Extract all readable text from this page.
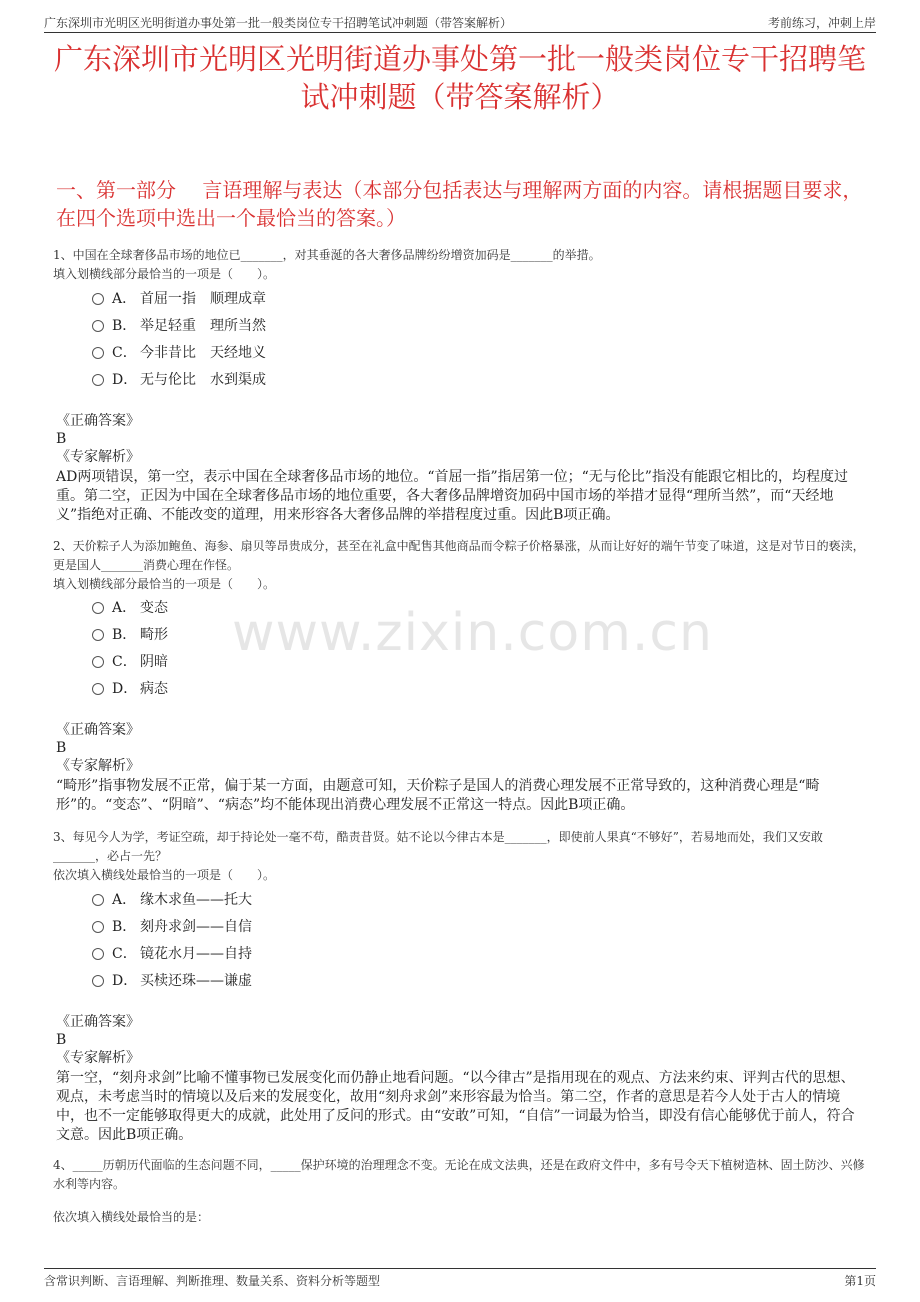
广东深圳市光明区光明街道办事处第一批一般类岗位专干招聘笔试冲刺题（带答案解析）	考前练习，冲刺上岸
广东深圳市光明区光明街道办事处第一批一般类岗位专干招聘笔试冲刺题（带答案解析）
一、第一部分　 言语理解与表达（本部分包括表达与理解两方面的内容。请根据题目要求，在四个选项中选出一个最恰当的答案。）
www.zixin.com.cn

1、中国在全球奢侈品市场的地位已_______，对其垂涎的各大奢侈品牌纷纷增资加码是_______的举措。

填入划横线部分最恰当的一项是（　　）。

A． 首屈一指　顺理成章
B． 举足轻重　理所当然
C． 今非昔比　天经地义
D． 无与伦比　水到渠成
《正确答案》
B
《专家解析》
AD两项错误，第一空，表示中国在全球奢侈品市场的地位。“首屈一指”指居第一位；“无与伦比”指没有能跟它相比的，均程度过重。第二空，正因为中国在全球奢侈品市场的地位重要，各大奢侈品牌增资加码中国市场的举措才显得“理所当然”，而“天经地义”指绝对正确、不能改变的道理，用来形容各大奢侈品牌的举措程度过重。因此B项正确。

2、天价粽子人为添加鲍鱼、海参、扇贝等昂贵成分，甚至在礼盒中配售其他商品而令粽子价格暴涨，从而让好好的端午节变了味道，这是对节日的亵渎，更是国人_______消费心理在作怪。

填入划横线部分最恰当的一项是（　　）。

A． 变态
B． 畸形
C． 阴暗
D． 病态
《正确答案》
B
《专家解析》
“畸形”指事物发展不正常，偏于某一方面，由题意可知，天价粽子是国人的消费心理发展不正常导致的，这种消费心理是“畸形”的。“变态”、“阴暗”、“病态”均不能体现出消费心理发展不正常这一特点。因此B项正确。

3、每见今人为学，考证空疏，却于持论处一毫不苟，酷责昔贤。姑不论以今律古本是_______，即使前人果真“不够好”，若易地而处，我们又安敢_______，必占一先？

依次填入横线处最恰当的一项是（　　）。

A． 缘木求鱼——托大
B． 刻舟求剑——自信
C． 镜花水月——自持
D． 买椟还珠——谦虚
《正确答案》
B
《专家解析》
第一空，“刻舟求剑”比喻不懂事物已发展变化而仍静止地看问题。“以今律古”是指用现在的观点、方法来约束、评判古代的思想、观点，未考虑当时的情境以及后来的发展变化，故用“刻舟求剑”来形容最为恰当。第二空，作者的意思是若今人处于古人的情境中，也不一定能够取得更大的成就，此处用了反问的形式。由“安敢”可知，“自信”一词最为恰当，即没有信心能够优于前人，符合文意。因此B项正确。

4、_____历朝历代面临的生态问题不同，_____保护环境的治理理念不变。无论在成文法典，还是在政府文件中，多有号令天下植树造林、固土防沙、兴修水利等内容。

依次填入横线处最恰当的是：

含常识判断、言语理解、判断推理、数量关系、资料分析等题型	第1页
